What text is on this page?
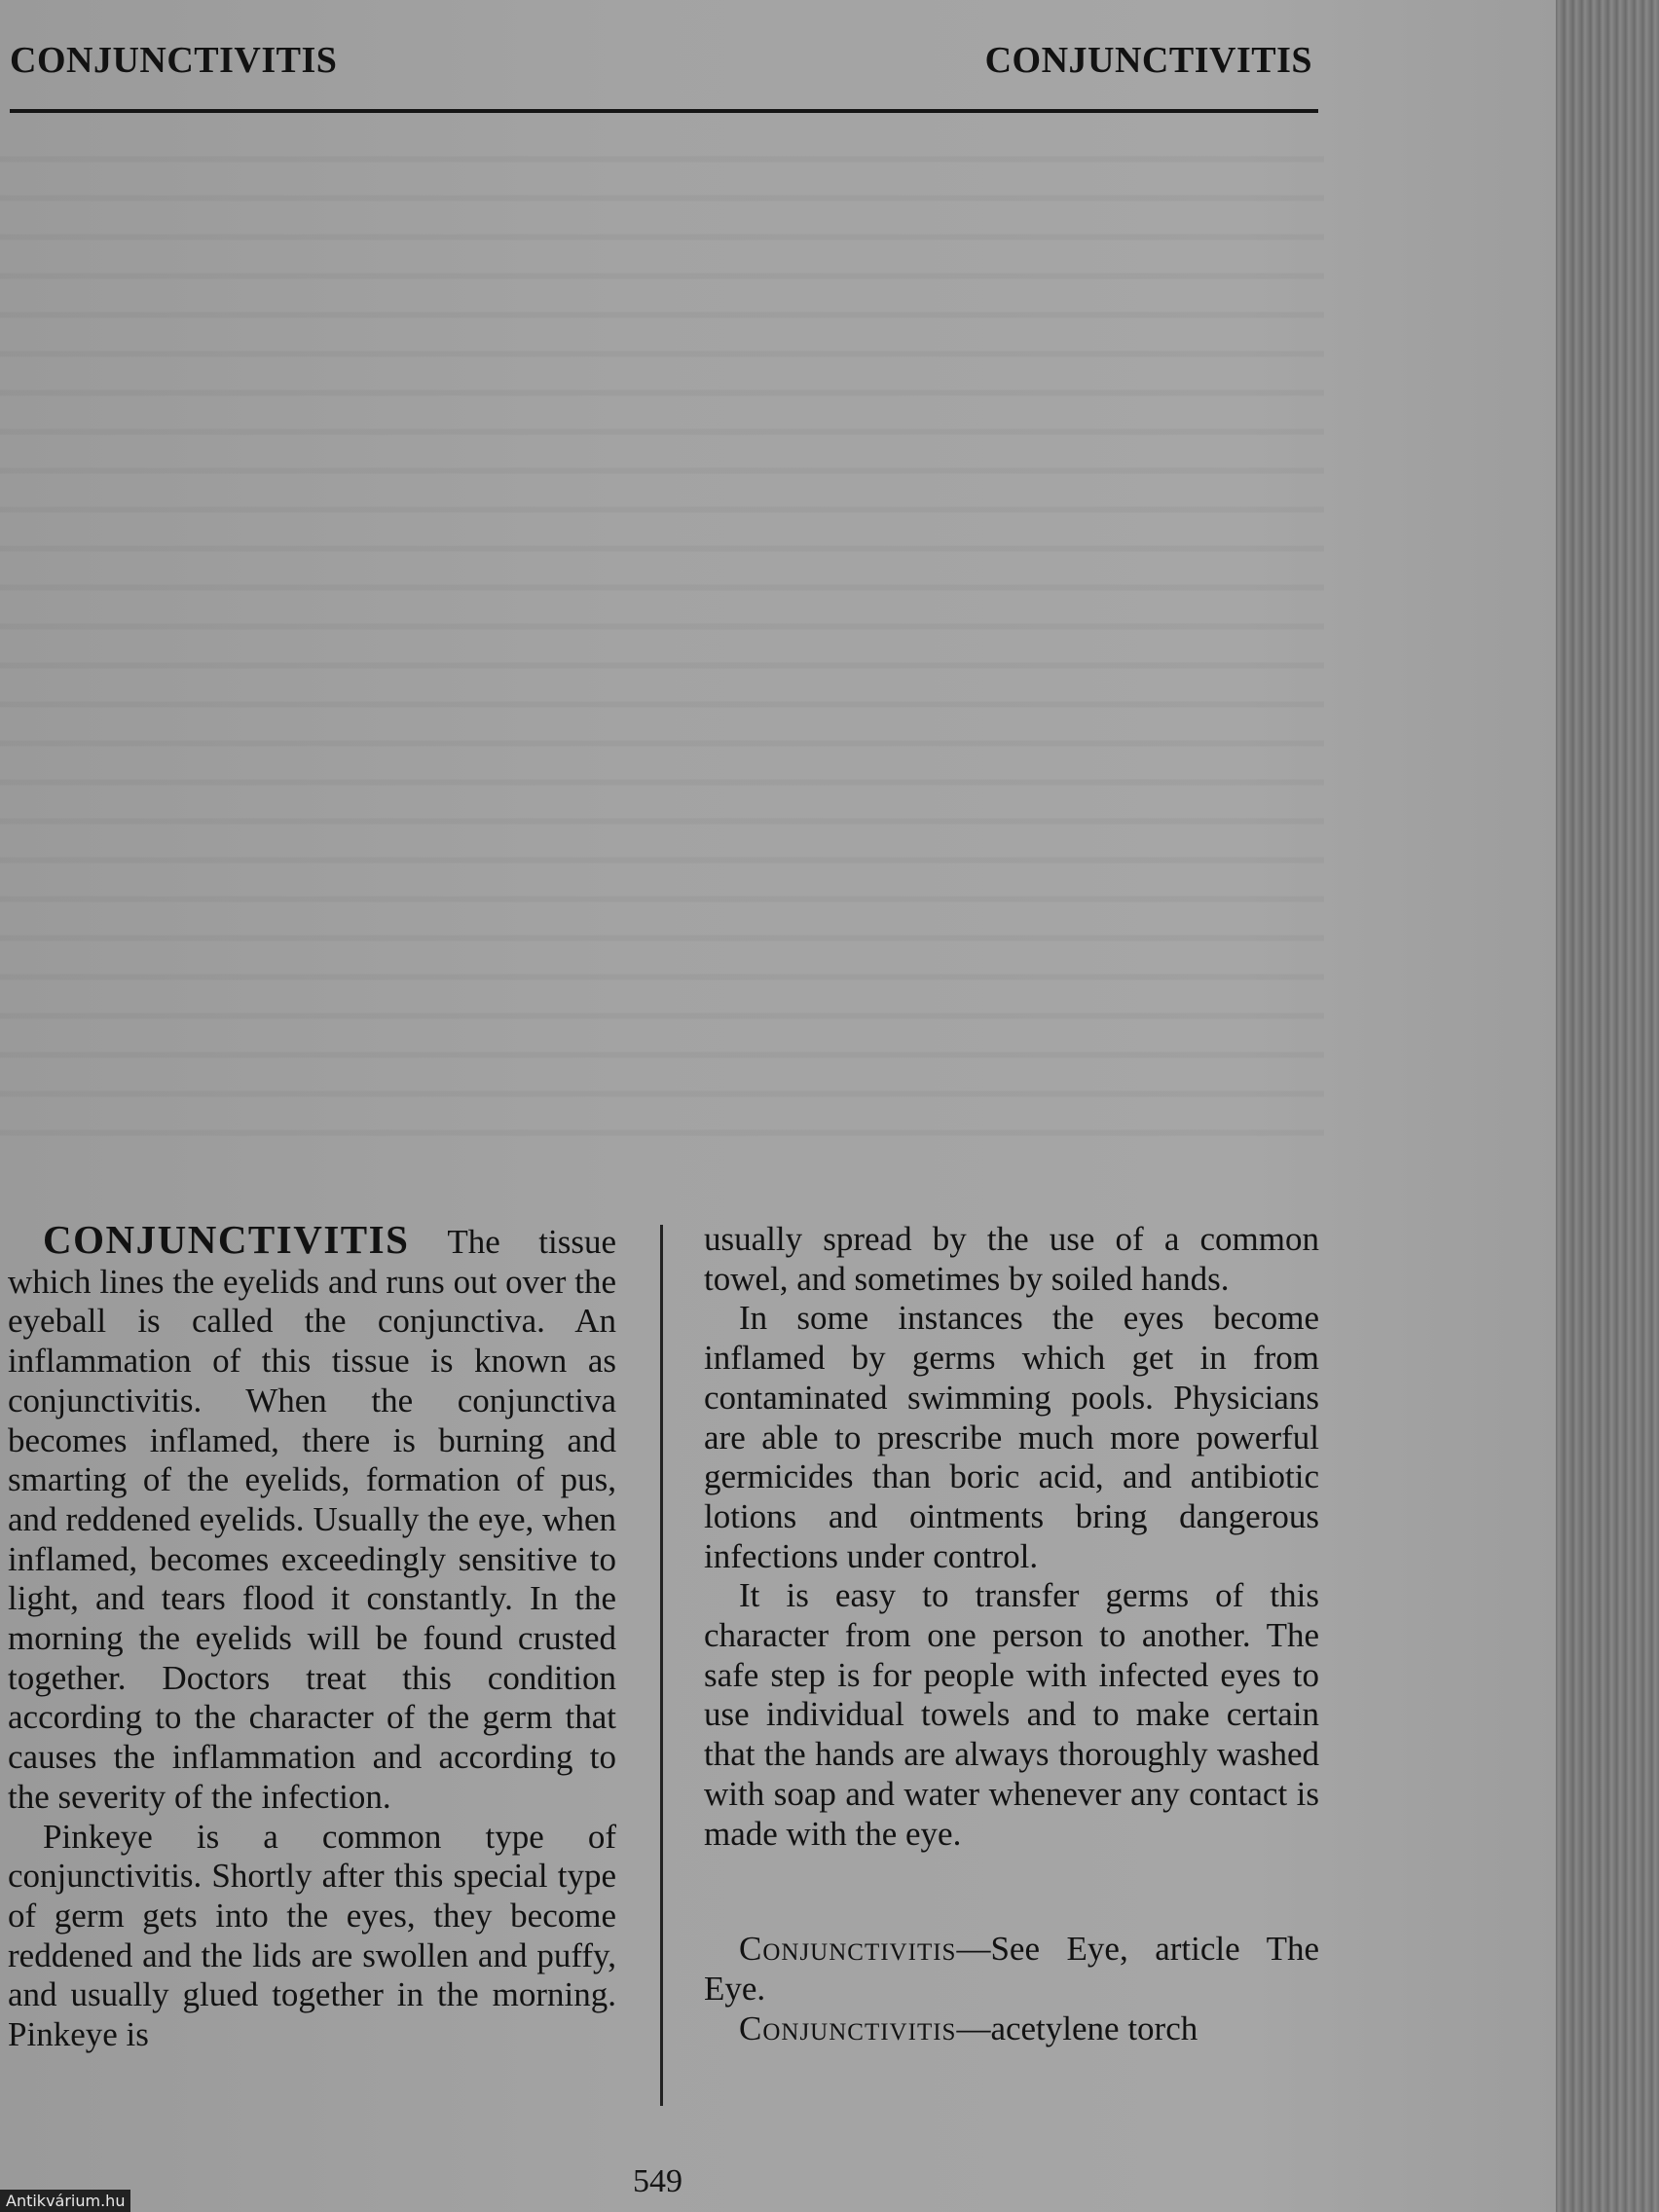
CONJUNCTIVITIS	CONJUNCTIVITIS

CONJUNCTIVITIS The tissue which lines the eyelids and runs out over the eyeball is called the conjunctiva. An inflammation of this tissue is known as conjunctivitis. When the conjunctiva becomes inflamed, there is burning and smarting of the eyelids, formation of pus, and reddened eyelids. Usually the eye, when inflamed, becomes exceedingly sensitive to light, and tears flood it constantly. In the morning the eyelids will be found crusted together. Doctors treat this condition according to the character of the germ that causes the inflammation and according to the severity of the infection.

Pinkeye is a common type of conjunctivitis. Shortly after this special type of germ gets into the eyes, they become reddened and the lids are swollen and puffy, and usually glued together in the morning. Pinkeye is

usually spread by the use of a common towel, and sometimes by soiled hands.

In some instances the eyes become inflamed by germs which get in from contaminated swimming pools. Physicians are able to prescribe much more powerful germicides than boric acid, and antibiotic lotions and ointments bring dangerous infections under control.

It is easy to transfer germs of this character from one person to another. The safe step is for people with infected eyes to use individual towels and to make certain that the hands are always thoroughly washed with soap and water whenever any contact is made with the eye.

Conjunctivitis—See Eye, article The Eye.

Conjunctivitis—acetylene torch

549
Antikvárium.hu
